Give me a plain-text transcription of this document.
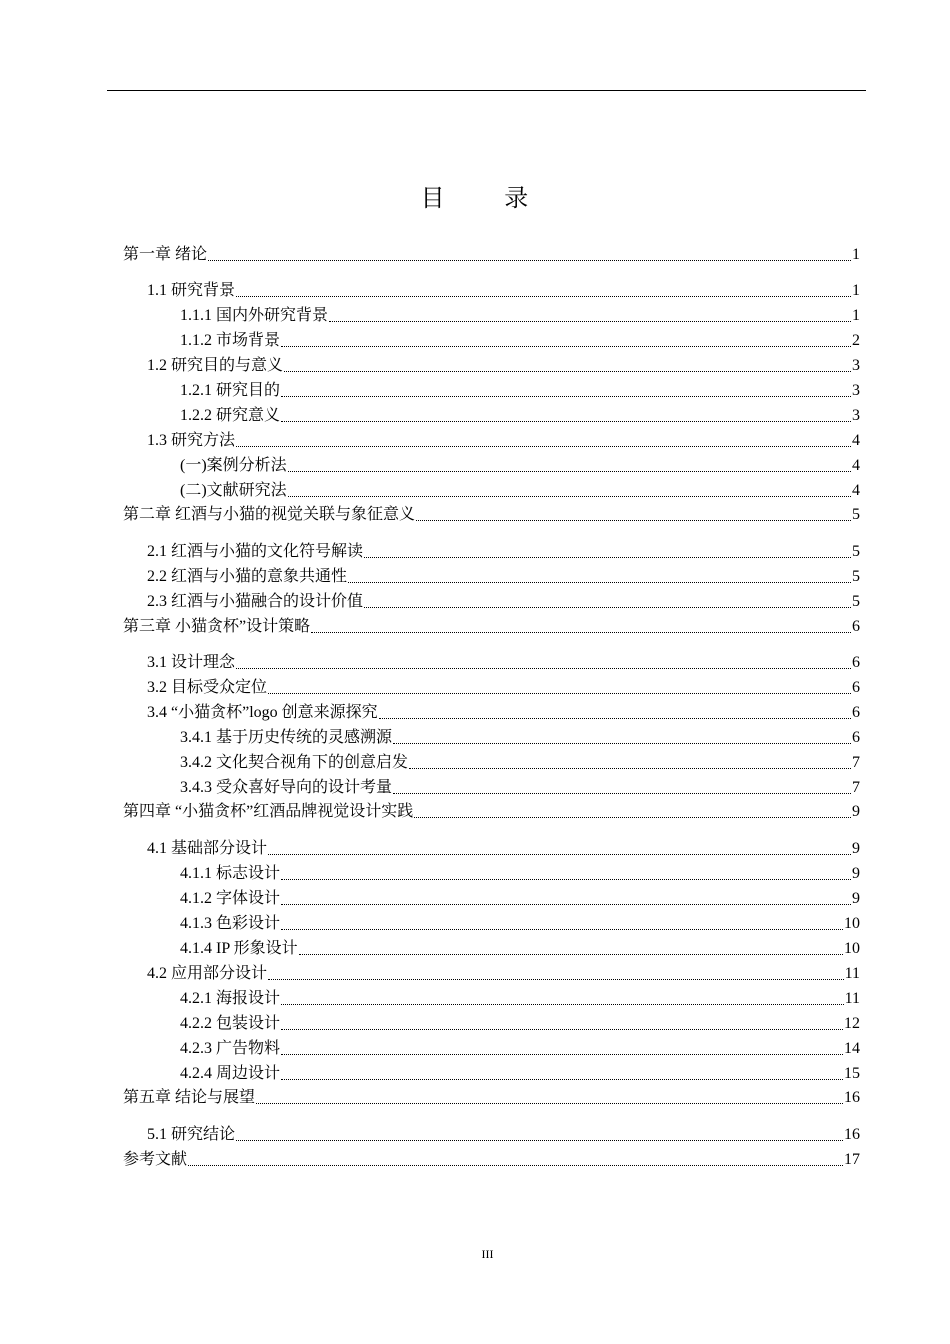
目 录
第一章 绪论	1
1.1 研究背景	1
1.1.1 国内外研究背景	1
1.1.2 市场背景	2
1.2 研究目的与意义	3
1.2.1 研究目的	3
1.2.2 研究意义	3
1.3 研究方法	4
(一)案例分析法	4
(二)文献研究法	4
第二章 红酒与小猫的视觉关联与象征意义	5
2.1 红酒与小猫的文化符号解读	5
2.2 红酒与小猫的意象共通性	5
2.3 红酒与小猫融合的设计价值	5
第三章 小猫贪杯”设计策略	6
3.1 设计理念	6
3.2 目标受众定位	6
3.4 “小猫贪杯”logo 创意来源探究	6
3.4.1 基于历史传统的灵感溯源	6
3.4.2 文化契合视角下的创意启发	7
3.4.3 受众喜好导向的设计考量	7
第四章 “小猫贪杯”红酒品牌视觉设计实践	9
4.1 基础部分设计	9
4.1.1 标志设计	9
4.1.2 字体设计	9
4.1.3 色彩设计	10
4.1.4 IP 形象设计	10
4.2 应用部分设计	11
4.2.1 海报设计	11
4.2.2 包装设计	12
4.2.3 广告物料	14
4.2.4 周边设计	15
第五章 结论与展望	16
5.1 研究结论	16
参考文献	17
III
